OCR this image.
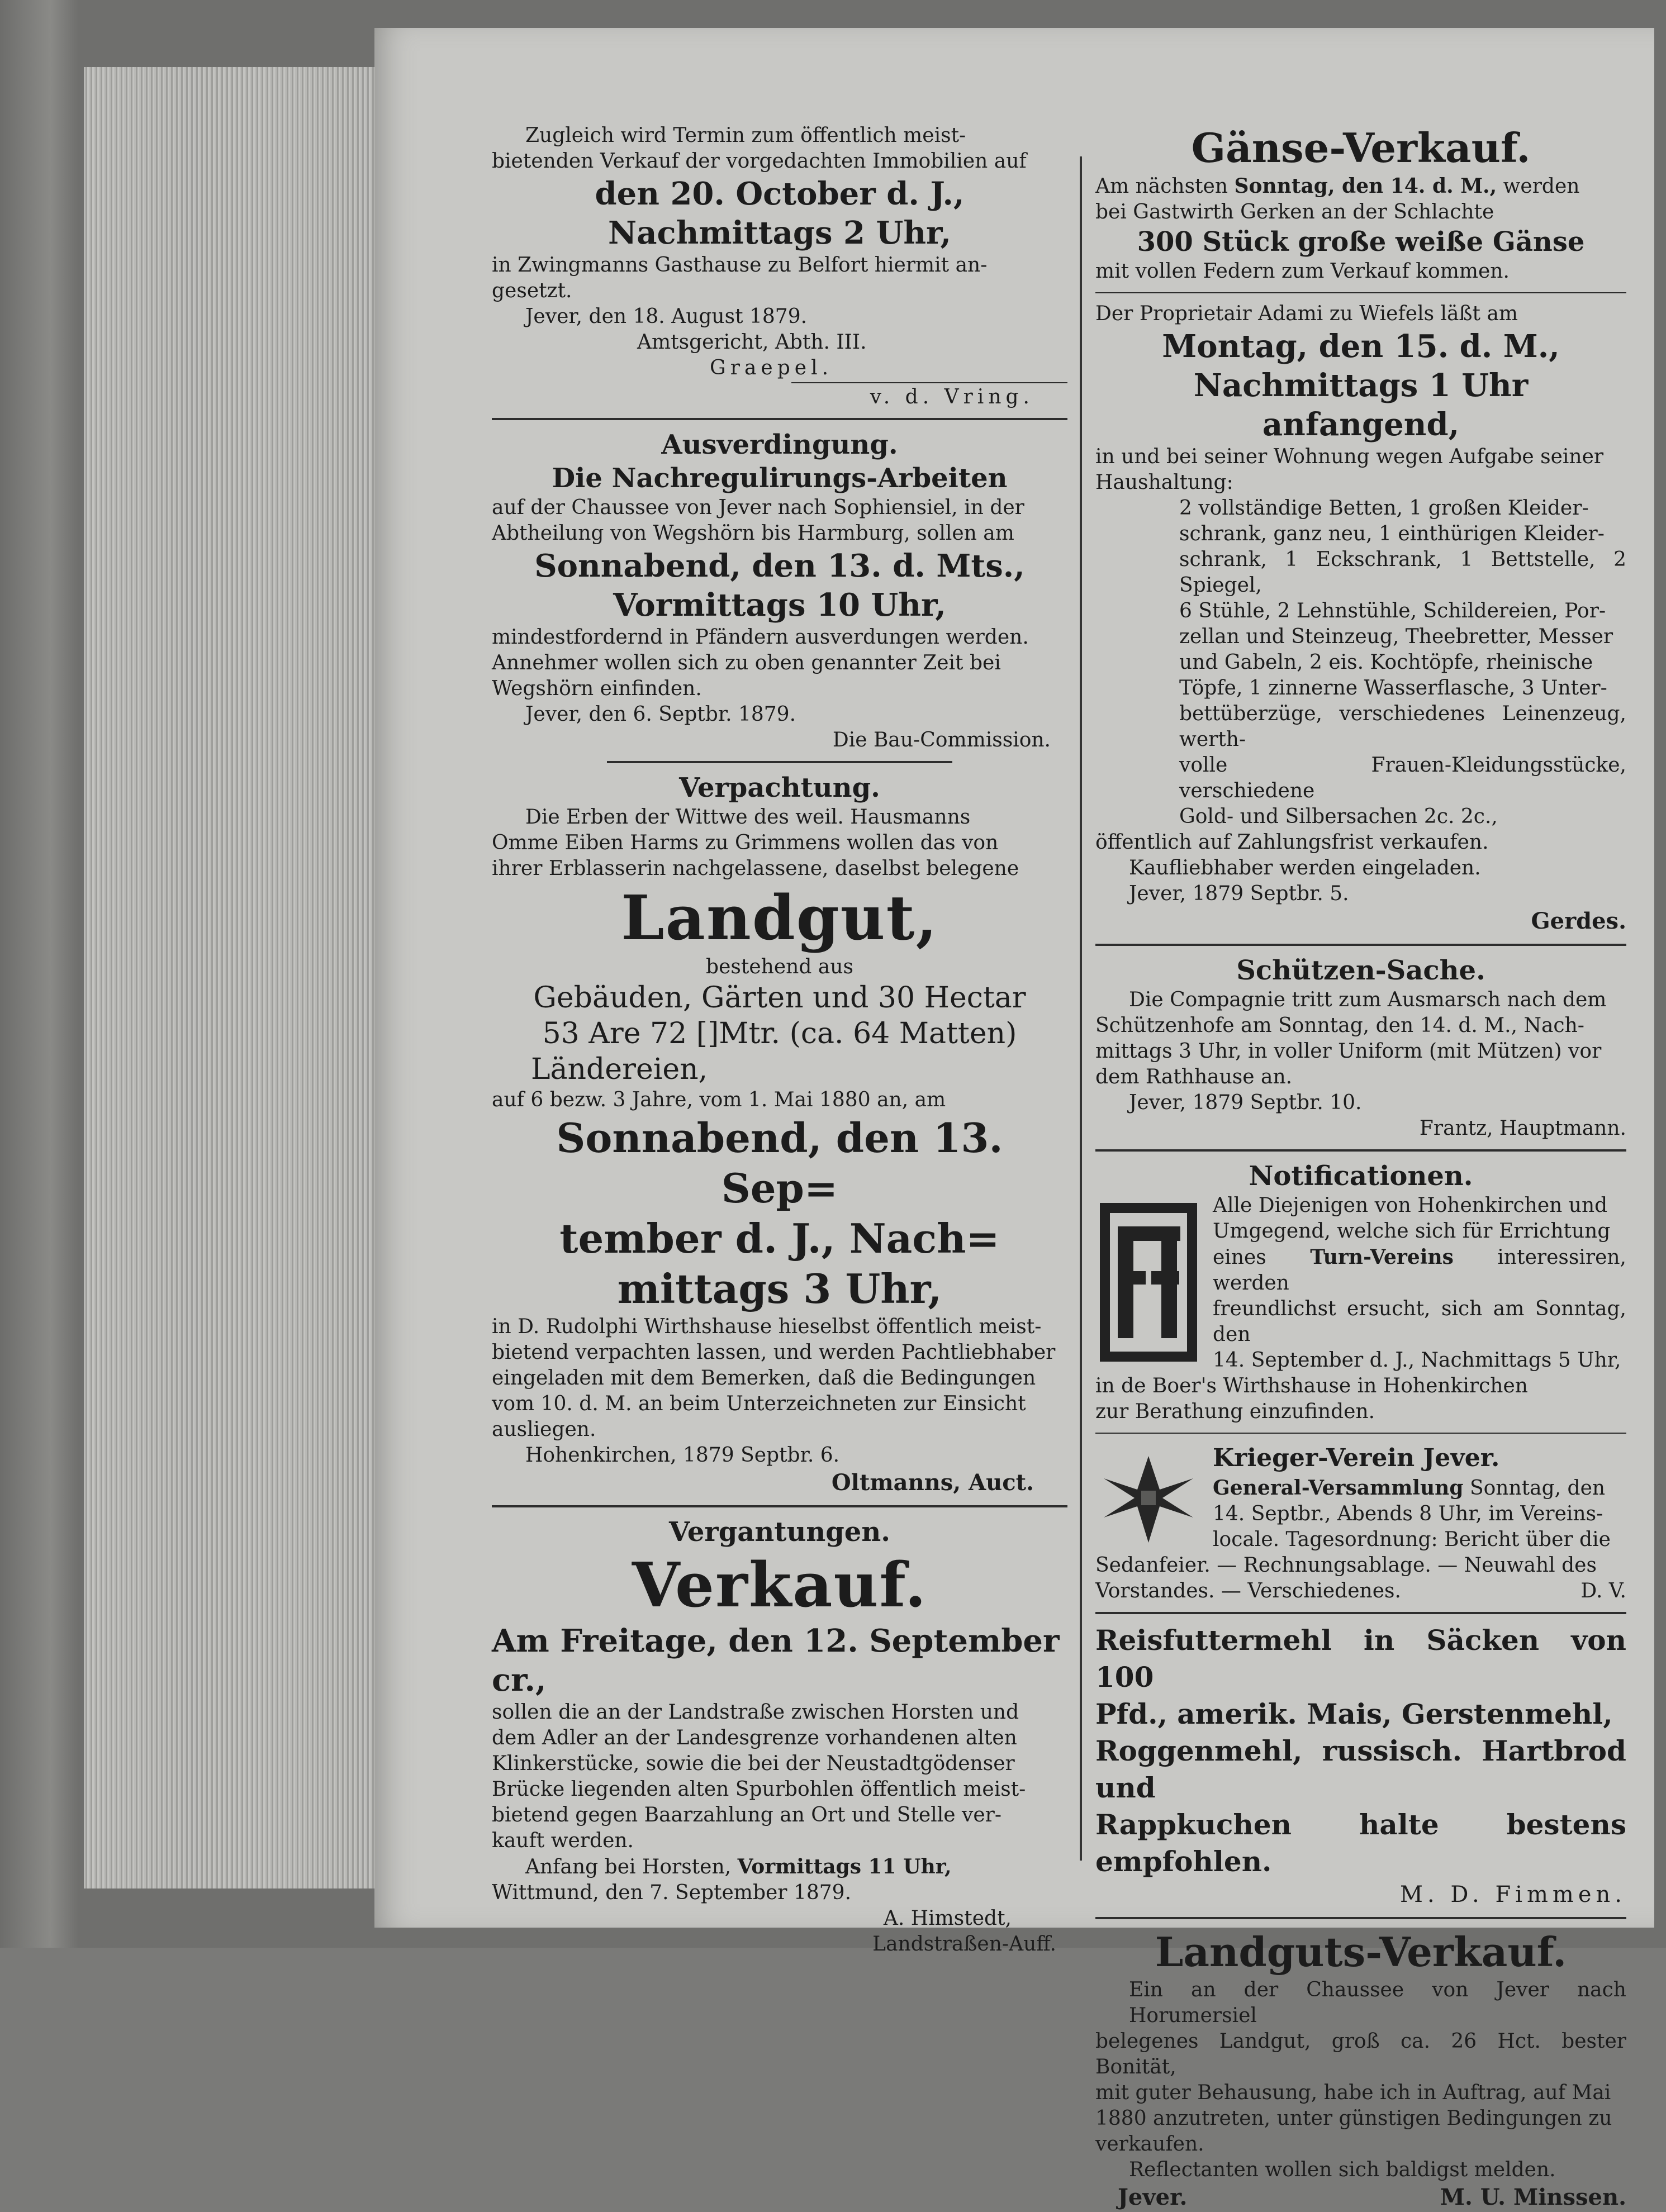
Zugleich wird Termin zum öffentlich meist-

bietenden Verkauf der vorgedachten Immobilien auf

den 20. October d. J.,

Nachmittags 2 Uhr,

in Zwingmanns Gasthause zu Belfort hiermit an-

gesetzt.

Jever, den 18. August 1879.

Amtsgericht, Abth. III.

Graepel.

v. d. Vring.

Ausverdingung.

Die Nachregulirungs-Arbeiten

auf der Chaussee von Jever nach Sophiensiel, in der

Abtheilung von Wegshörn bis Harmburg, sollen am

Sonnabend, den 13. d. Mts.,

Vormittags 10 Uhr,

mindestfordernd in Pfändern ausverdungen werden.

Annehmer wollen sich zu oben genannter Zeit bei

Wegshörn einfinden.

Jever, den 6. Septbr. 1879.

Die Bau-Commission.

Verpachtung.

Die Erben der Wittwe des weil. Hausmanns

Omme Eiben Harms zu Grimmens wollen das von

ihrer Erblasserin nachgelassene, daselbst belegene

Landgut,

bestehend aus

Gebäuden, Gärten und 30 Hectar

53 Are 72 []Mtr. (ca. 64 Matten)

Ländereien,

auf 6 bezw. 3 Jahre, vom 1. Mai 1880 an, am

Sonnabend, den 13. Sep=

tember d. J., Nach=

mittags 3 Uhr,

in D. Rudolphi Wirthshause hieselbst öffentlich meist-

bietend verpachten lassen, und werden Pachtliebhaber

eingeladen mit dem Bemerken, daß die Bedingungen

vom 10. d. M. an beim Unterzeichneten zur Einsicht

ausliegen.

Hohenkirchen, 1879 Septbr. 6.

Oltmanns, Auct.

Vergantungen.

Verkauf.

Am Freitage, den 12. September cr.,

sollen die an der Landstraße zwischen Horsten und

dem Adler an der Landesgrenze vorhandenen alten

Klinkerstücke, sowie die bei der Neustadtgödenser

Brücke liegenden alten Spurbohlen öffentlich meist-

bietend gegen Baarzahlung an Ort und Stelle ver-

kauft werden.

Anfang bei Horsten, Vormittags 11 Uhr,

Wittmund, den 7. September 1879.

A. Himstedt,

Landstraßen-Auff.

Gänse-Verkauf.

Am nächsten Sonntag, den 14. d. M., werden

bei Gastwirth Gerken an der Schlachte

300 Stück große weiße Gänse

mit vollen Federn zum Verkauf kommen.

Der Proprietair Adami zu Wiefels läßt am

Montag, den 15. d. M.,

Nachmittags 1 Uhr anfangend,

in und bei seiner Wohnung wegen Aufgabe seiner

Haushaltung:

2 vollständige Betten, 1 großen Kleider-

schrank, ganz neu, 1 einthürigen Kleider-

schrank, 1 Eckschrank, 1 Bettstelle, 2 Spiegel,

6 Stühle, 2 Lehnstühle, Schildereien, Por-

zellan und Steinzeug, Theebretter, Messer

und Gabeln, 2 eis. Kochtöpfe, rheinische

Töpfe, 1 zinnerne Wasserflasche, 3 Unter-

bettüberzüge, verschiedenes Leinenzeug, werth-

volle Frauen-Kleidungsstücke, verschiedene

Gold- und Silbersachen 2c. 2c.,

öffentlich auf Zahlungsfrist verkaufen.

Kaufliebhaber werden eingeladen.

Jever, 1879 Septbr. 5.

Gerdes.

Schützen-Sache.

Die Compagnie tritt zum Ausmarsch nach dem

Schützenhofe am Sonntag, den 14. d. M., Nach-

mittags 3 Uhr, in voller Uniform (mit Mützen) vor

dem Rathhause an.

Jever, 1879 Septbr. 10.

Frantz, Hauptmann.

Notificationen.

Alle Diejenigen von Hohenkirchen und

Umgegend, welche sich für Errichtung

eines Turn-Vereins interessiren, werden

freundlichst ersucht, sich am Sonntag, den

14. September d. J., Nachmittags 5 Uhr,

in de Boer's Wirthshause in Hohenkirchen

zur Berathung einzufinden.

Krieger-Verein Jever.

General-Versammlung Sonntag, den

14. Septbr., Abends 8 Uhr, im Vereins-

locale. Tagesordnung: Bericht über die

Sedanfeier. — Rechnungsablage. — Neuwahl des

Vorstandes. — Verschiedenes.	D. V.

Reisfuttermehl in Säcken von 100

Pfd., amerik. Mais, Gerstenmehl,

Roggenmehl, russisch. Hartbrod und

Rappkuchen halte bestens empfohlen.

M. D. Fimmen.

Landguts-Verkauf.

Ein an der Chaussee von Jever nach Horumersiel

belegenes Landgut, groß ca. 26 Hct. bester Bonität,

mit guter Behausung, habe ich in Auftrag, auf Mai

1880 anzutreten, unter günstigen Bedingungen zu

verkaufen.

Reflectanten wollen sich baldigst melden.

Jever.	M. U. Minssen.
